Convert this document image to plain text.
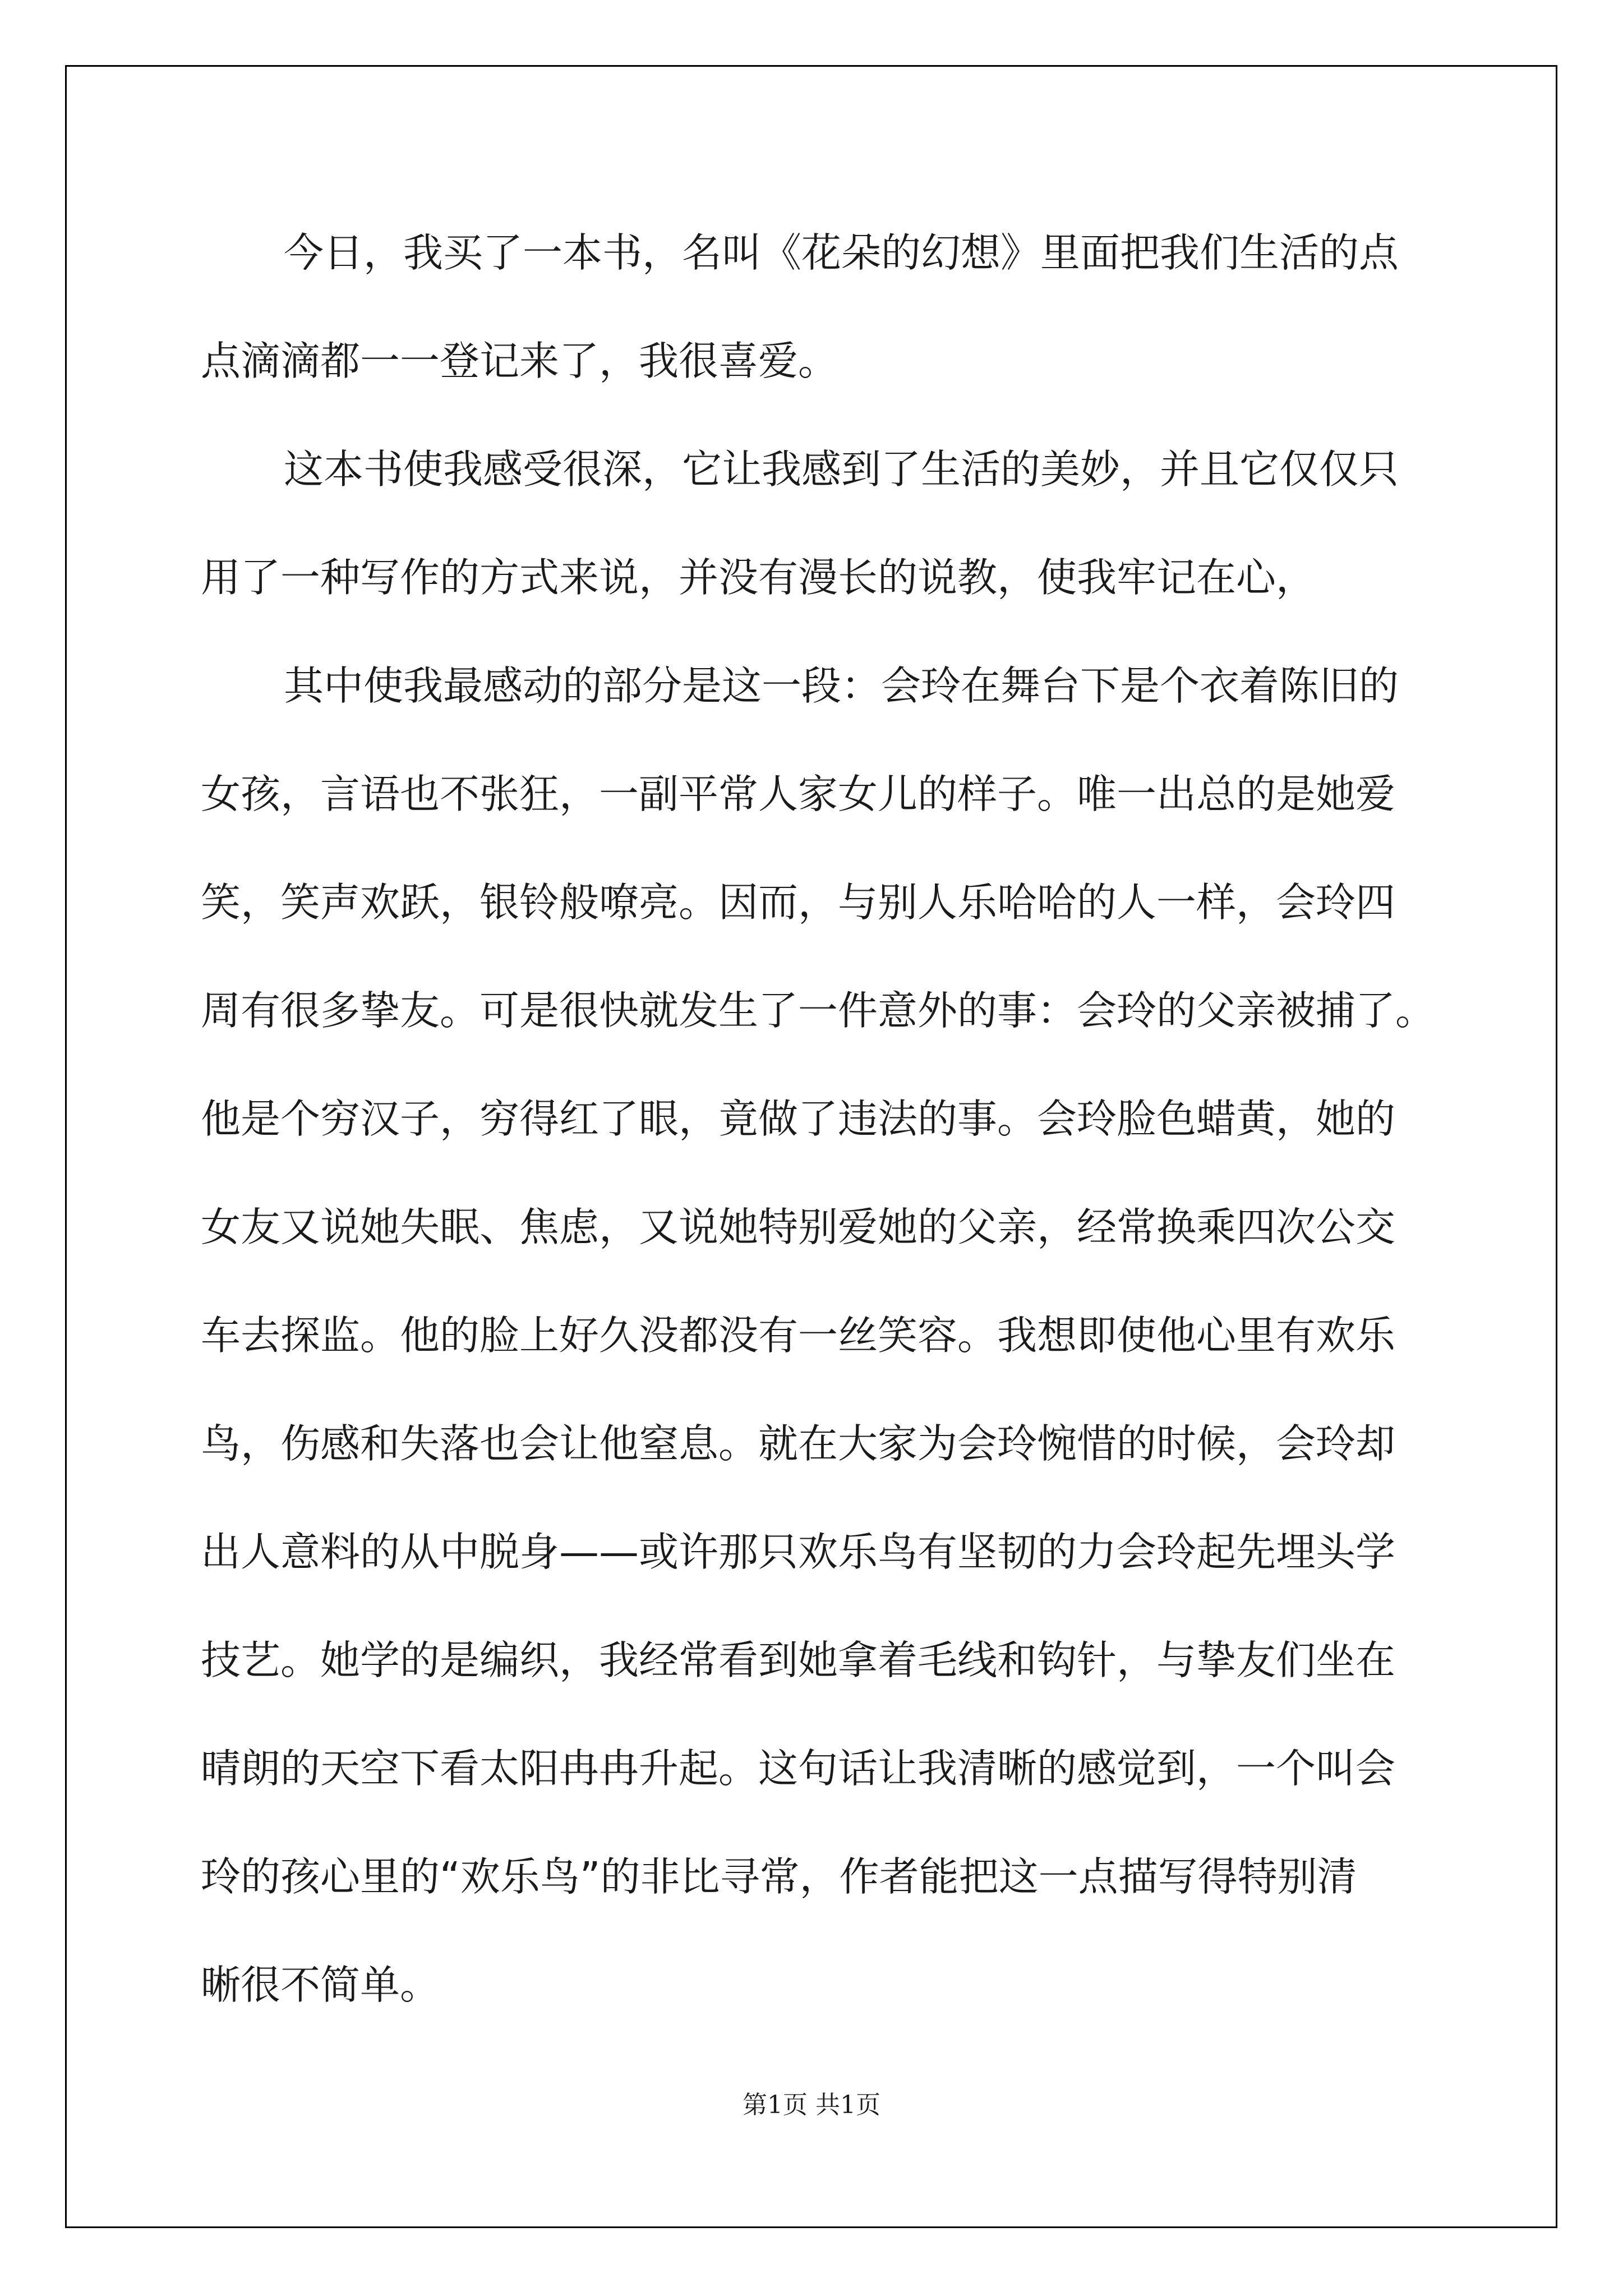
今日，我买了一本书，名叫《花朵的幻想》里面把我们生活的点
点滴滴都一一登记来了，我很喜爱。
这本书使我感受很深，它让我感到了生活的美妙，并且它仅仅只
用了一种写作的方式来说，并没有漫长的说教，使我牢记在心，
其中使我最感动的部分是这一段：会玲在舞台下是个衣着陈旧的
女孩，言语也不张狂，一副平常人家女儿的样子。唯一出总的是她爱
笑，笑声欢跃，银铃般嘹亮。因而，与别人乐哈哈的人一样，会玲四
周有很多挚友。可是很快就发生了一件意外的事：会玲的父亲被捕了。
他是个穷汉子，穷得红了眼，竟做了违法的事。会玲脸色蜡黄，她的
女友又说她失眠、焦虑，又说她特别爱她的父亲，经常换乘四次公交
车去探监。他的脸上好久没都没有一丝笑容。我想即使他心里有欢乐
鸟，伤感和失落也会让他窒息。就在大家为会玲惋惜的时候，会玲却
出人意料的从中脱身——或许那只欢乐鸟有坚韧的力会玲起先埋头学
技艺。她学的是编织，我经常看到她拿着毛线和钩针，与挚友们坐在
晴朗的天空下看太阳冉冉升起。这句话让我清晰的感觉到，一个叫会
玲的孩心里的“欢乐鸟”的非比寻常，作者能把这一点描写得特别清
晰很不简单。
第1页 共1页
